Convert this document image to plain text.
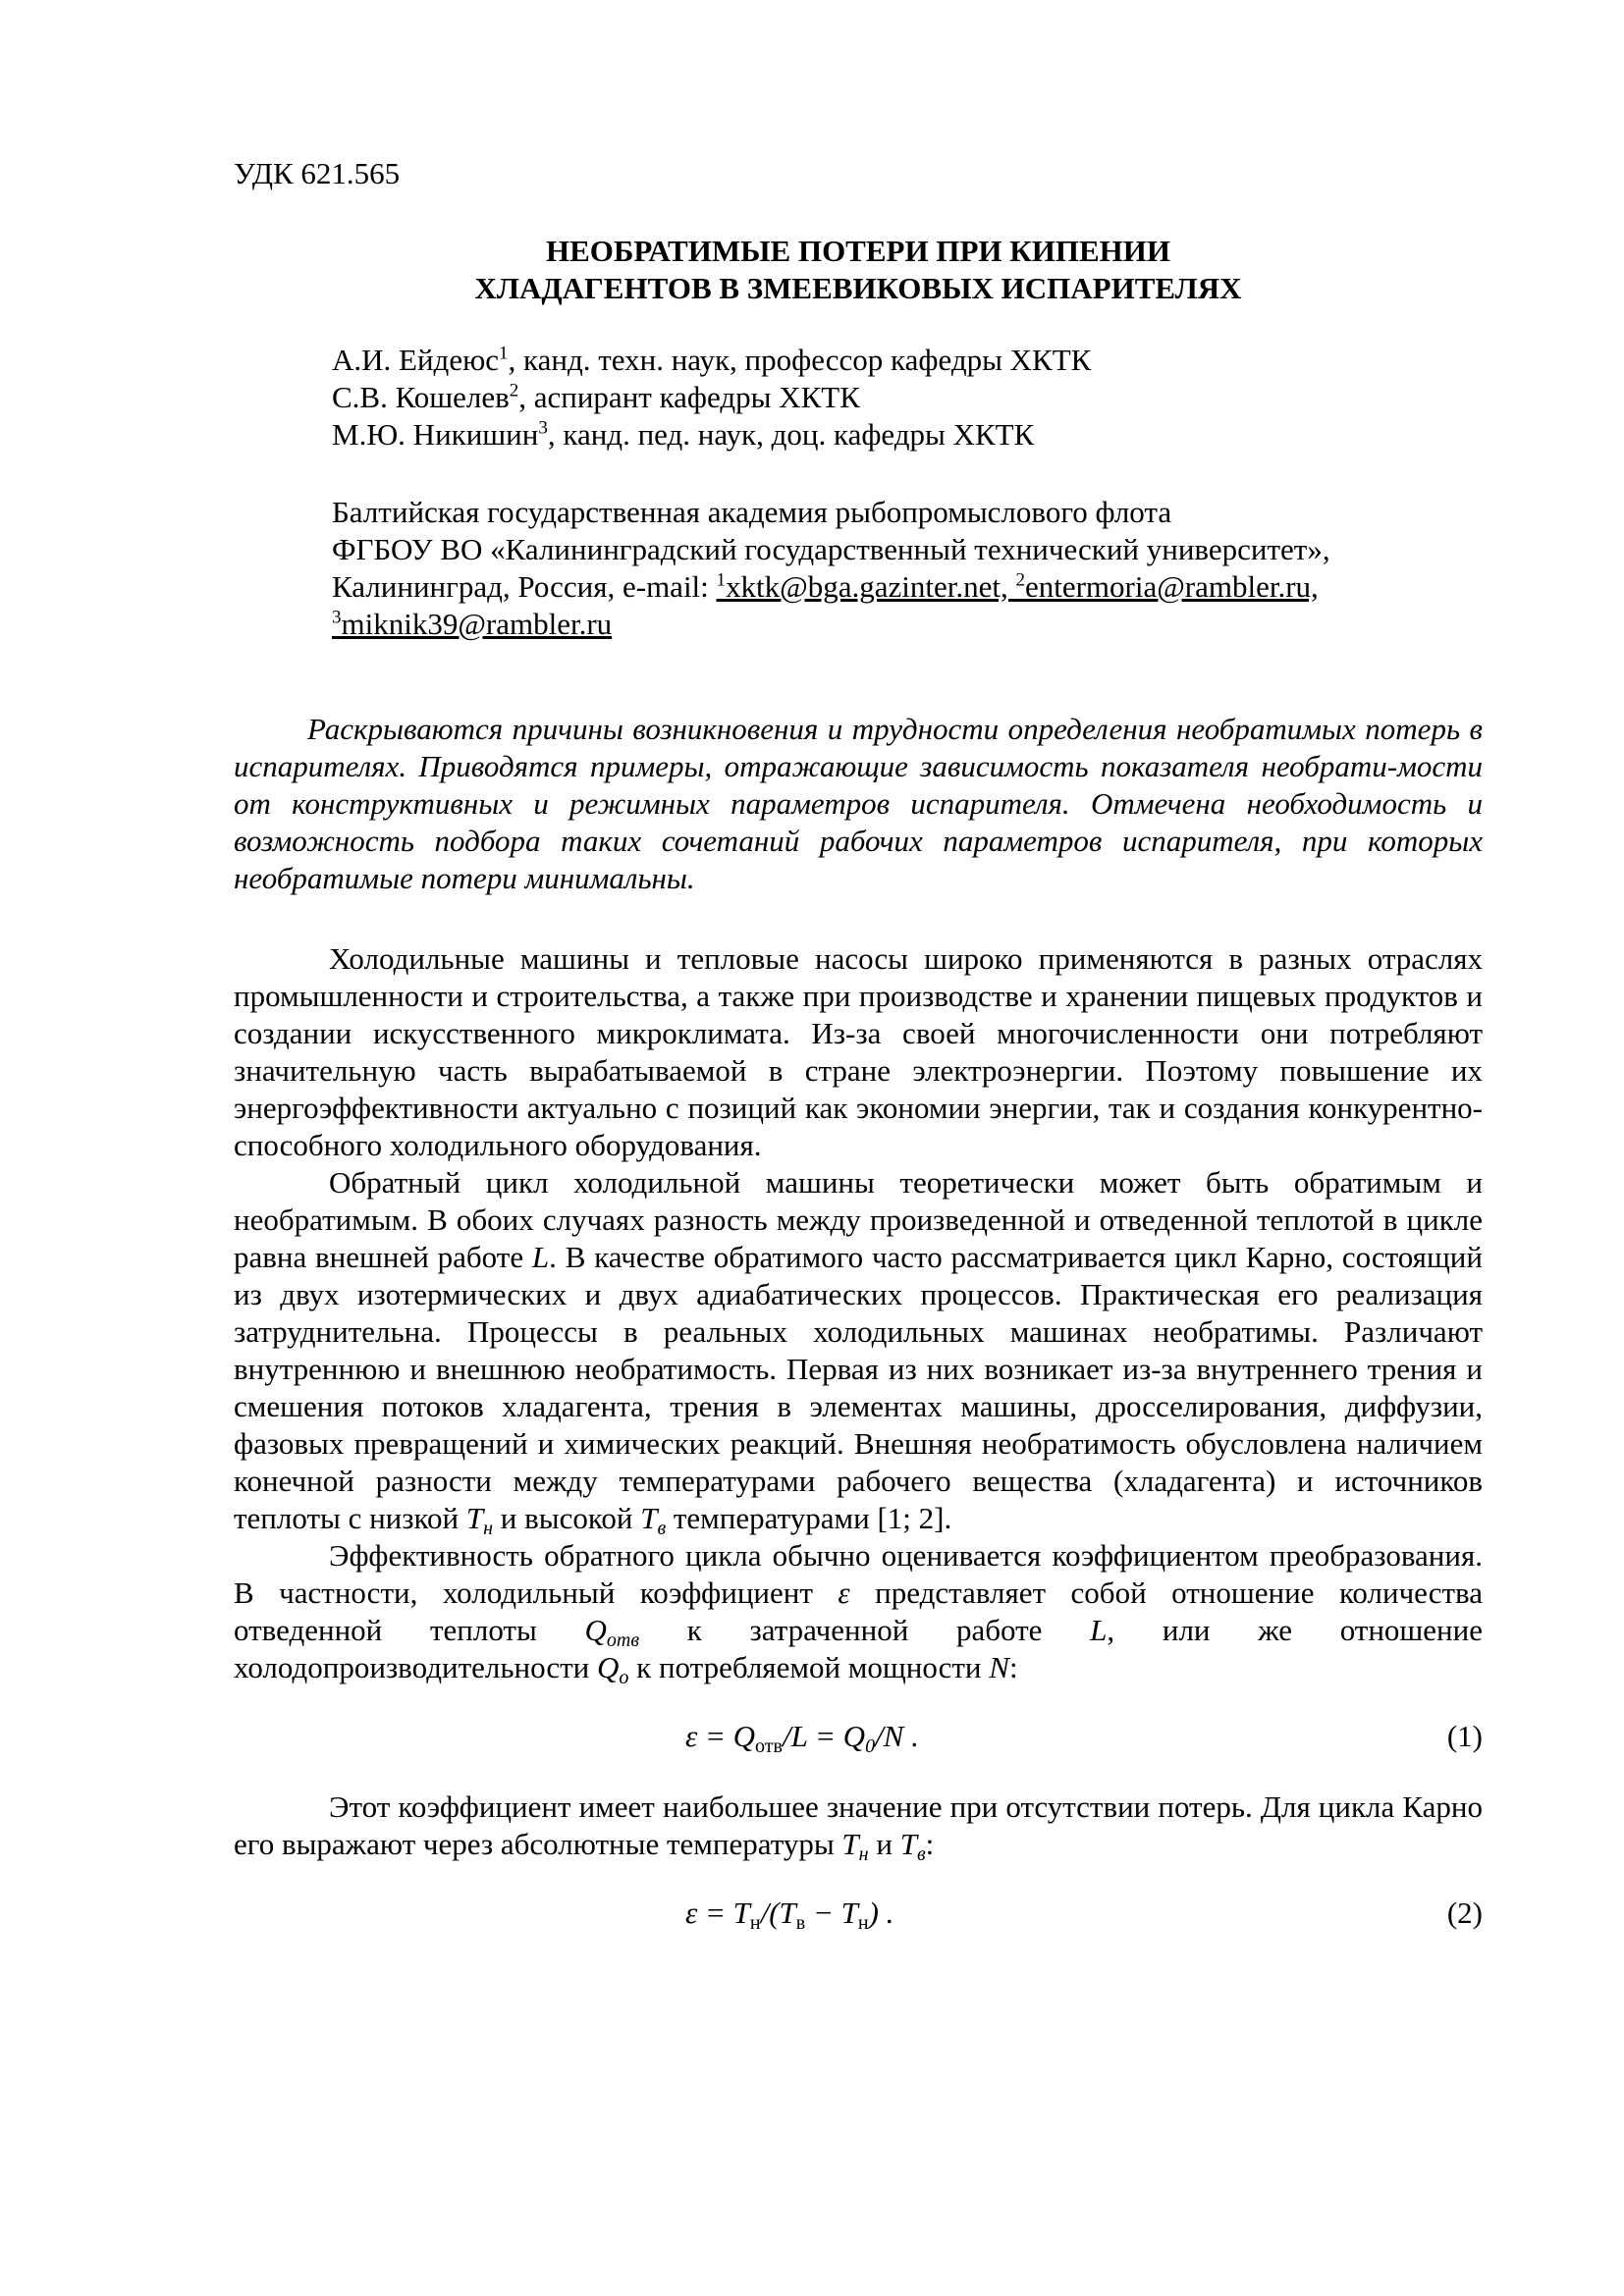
УДК 621.565

НЕОБРАТИМЫЕ ПОТЕРИ ПРИ КИПЕНИИ
ХЛАДАГЕНТОВ В ЗМЕЕВИКОВЫХ ИСПАРИТЕЛЯХ
А.И. Ейдеюс$^1$, канд. техн. наук, профессор кафедры ХКТК
С.В. Кошелев$^2$, аспирант кафедры ХКТК
М.Ю. Никишин$^3$, канд. пед. наук, доц. кафедры ХКТК
Балтийская государственная академия рыбопромыслового флота
ФГБОУ ВО «Калининградский государственный технический университет»,
Калининград, Россия, e-mail: $^1$xktk@bga.gazinter.net, $^2$entermoria@rambler.ru,
$^3$miknik39@rambler.ru

Раскрываются причины возникновения и трудности определения необратимых потерь в испарителях. Приводятся примеры, отражающие зависимость показателя необрати-мости от конструктивных и режимных параметров испарителя. Отмечена необходимость и возможность подбора таких сочетаний рабочих параметров испарителя, при которых необратимые потери минимальны.

Холодильные машины и тепловые насосы широко применяются в разных отраслях промышленности и строительства, а также при производстве и хранении пищевых продуктов и создании искусственного микроклимата. Из-за своей многочисленности они потребляют значительную часть вырабатываемой в стране электроэнергии. Поэтому повышение их энергоэффективности актуально с позиций как экономии энергии, так и создания конкурентно-способного холодильного оборудования.

Обратный цикл холодильной машины теоретически может быть обратимым и необратимым. В обоих случаях разность между произведенной и отведенной теплотой в цикле равна внешней работе L. В качестве обратимого часто рассматривается цикл Карно, состоящий из двух изотермических и двух адиабатических процессов. Практическая его реализация затруднительна. Процессы в реальных холодильных машинах необратимы. Различают внутреннюю и внешнюю необратимость. Первая из них возникает из-за внутреннего трения и смешения потоков хладагента, трения в элементах машины, дросселирования, диффузии, фазовых превращений и химических реакций. Внешняя необратимость обусловлена наличием конечной разности между температурами рабочего вещества (хладагента) и источников теплоты с низкой $T_н$ и высокой $T_в$ температурами [1; 2].

Эффективность обратного цикла обычно оценивается коэффициентом преобразования. В частности, холодильный коэффициент ε представляет собой отношение количества отведенной теплоты $Q_{отв}$ к затраченной работе L, или же отношение холодопроизводительности $Q_о$ к потребляемой мощности N:

$\varepsilon = Q_{отв}/L = Q_0/N$ .	(1)

Этот коэффициент имеет наибольшее значение при отсутствии потерь. Для цикла Карно его выражают через абсолютные температуры $T_н$ и $T_в$:

$\varepsilon = T_н/(T_в - T_н)$ .	(2)
